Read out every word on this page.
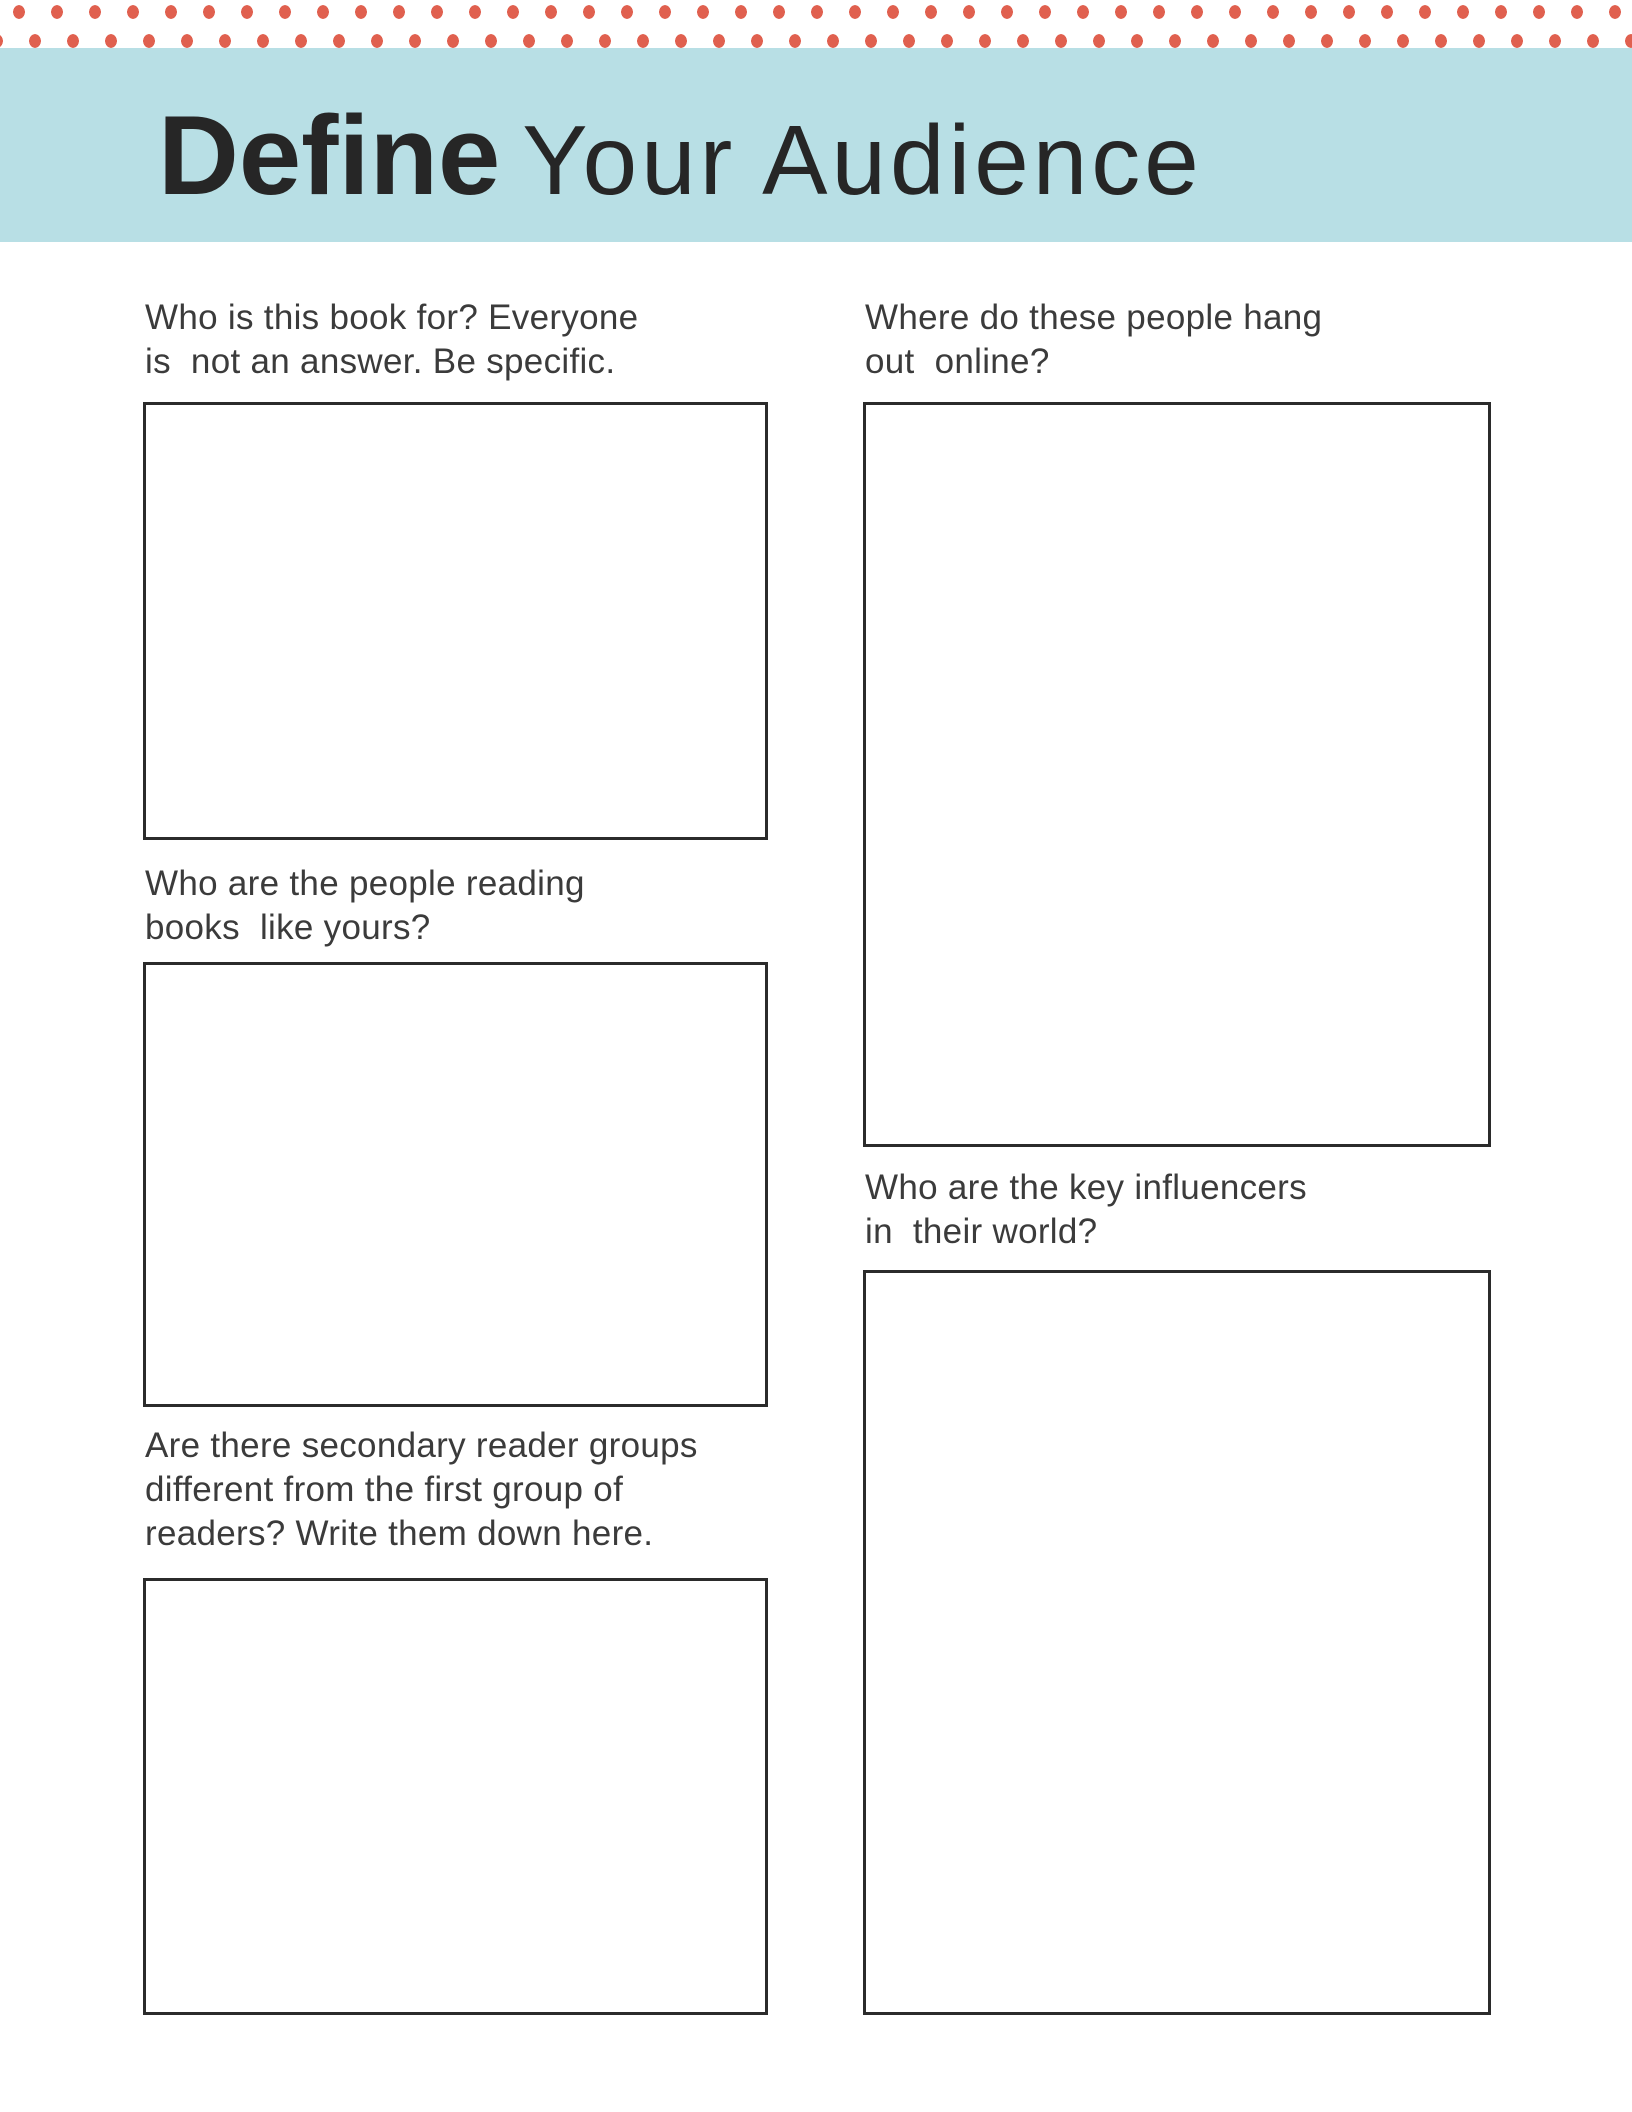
Define Your Audience
Who is this book for? Everyone
is  not an answer. Be specific.
Who are the people reading
books  like yours?
Are there secondary reader groups
different from the first group of
readers? Write them down here.
Where do these people hang
out  online?
Who are the key influencers
in  their world?
